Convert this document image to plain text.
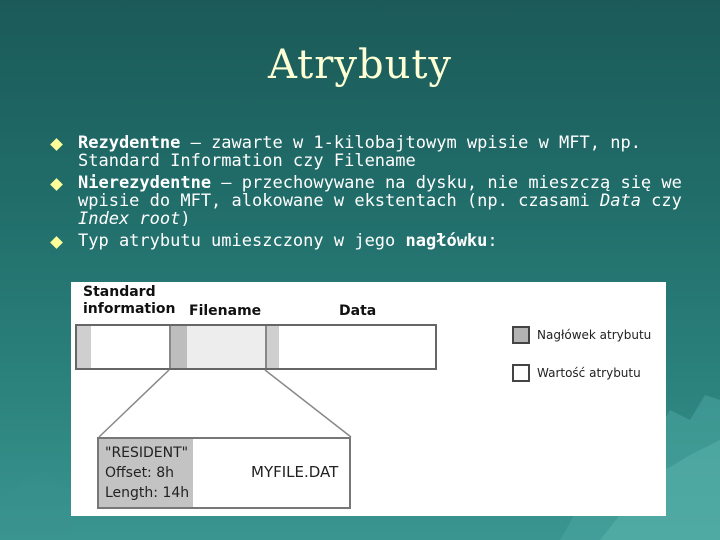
Atrybuty
Rezydentne – zawarte w 1-kilobajtowym wpisie w MFT, np. Standard Information czy Filename
Nierezydentne – przechowywane na dysku, nie mieszczą się we wpisie do MFT, alokowane w ekstentach (np. czasami Data czy Index root)
Typ atrybutu umieszczony w jego nagłówku:
Standard
information Filename	Data
Nagłówek atrybutu
Wartość atrybutu
"RESIDENT"
Offset: 8h
Length: 14h
MYFILE.DAT
